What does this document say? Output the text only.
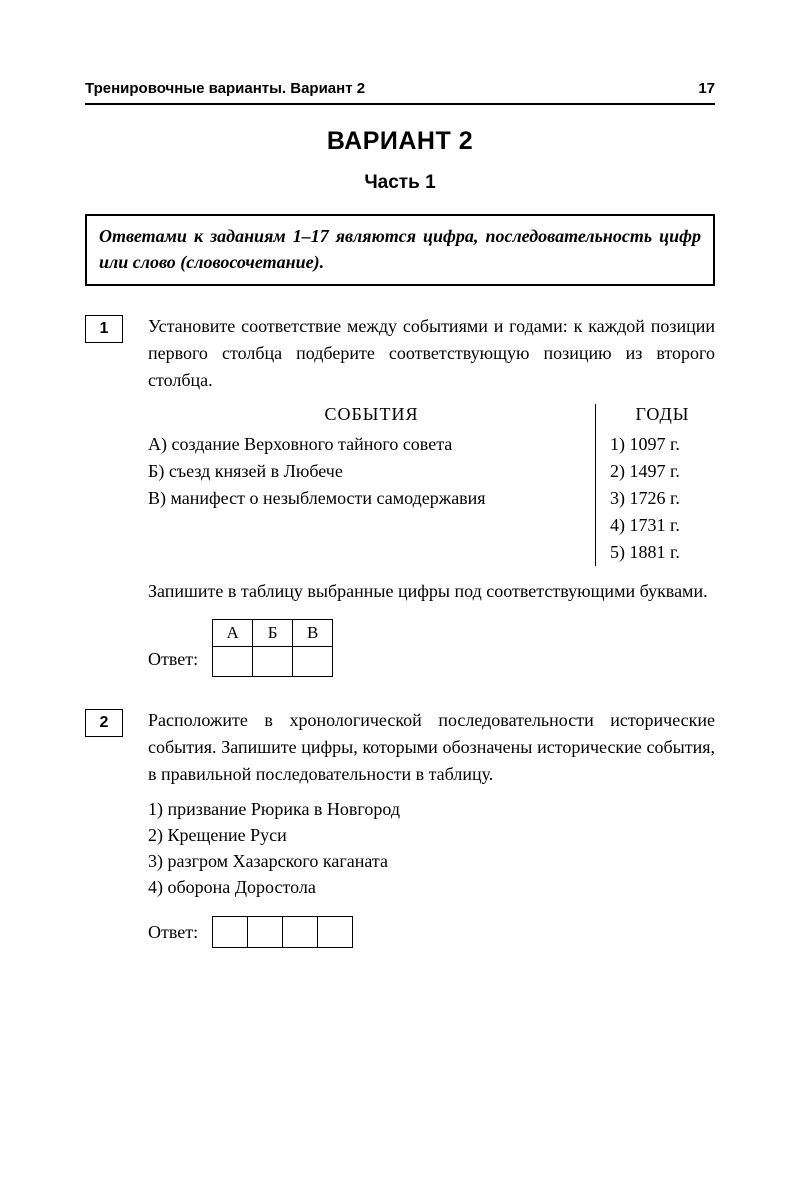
Тренировочные варианты. Вариант 2	17
ВАРИАНТ 2
Часть 1
Ответами к заданиям 1–17 являются цифра, последовательность цифр или слово (словосочетание).
1	Установите соответствие между событиями и годами: к каждой позиции первого столбца подберите соответствующую позицию из второго столбца.

СОБЫТИЯ
А) создание Верховного тайного совета
Б) съезд князей в Любече
В) манифест о незыблемости самодержавия
ГОДЫ
1) 1097 г.
2) 1497 г.
3) 1726 г.
4) 1731 г.
5) 1881 г.

Запишите в таблицу выбранные цифры под соответствующими буквами.

Ответ:
А	Б	В

2	Расположите в хронологической последовательности исторические события. Запишите цифры, которыми обозначены исторические события, в правильной последовательности в таблицу.

1) призвание Рюрика в Новгород
2) Крещение Руси
3) разгром Хазарского каганата
4) оборона Доростола
Ответ:
